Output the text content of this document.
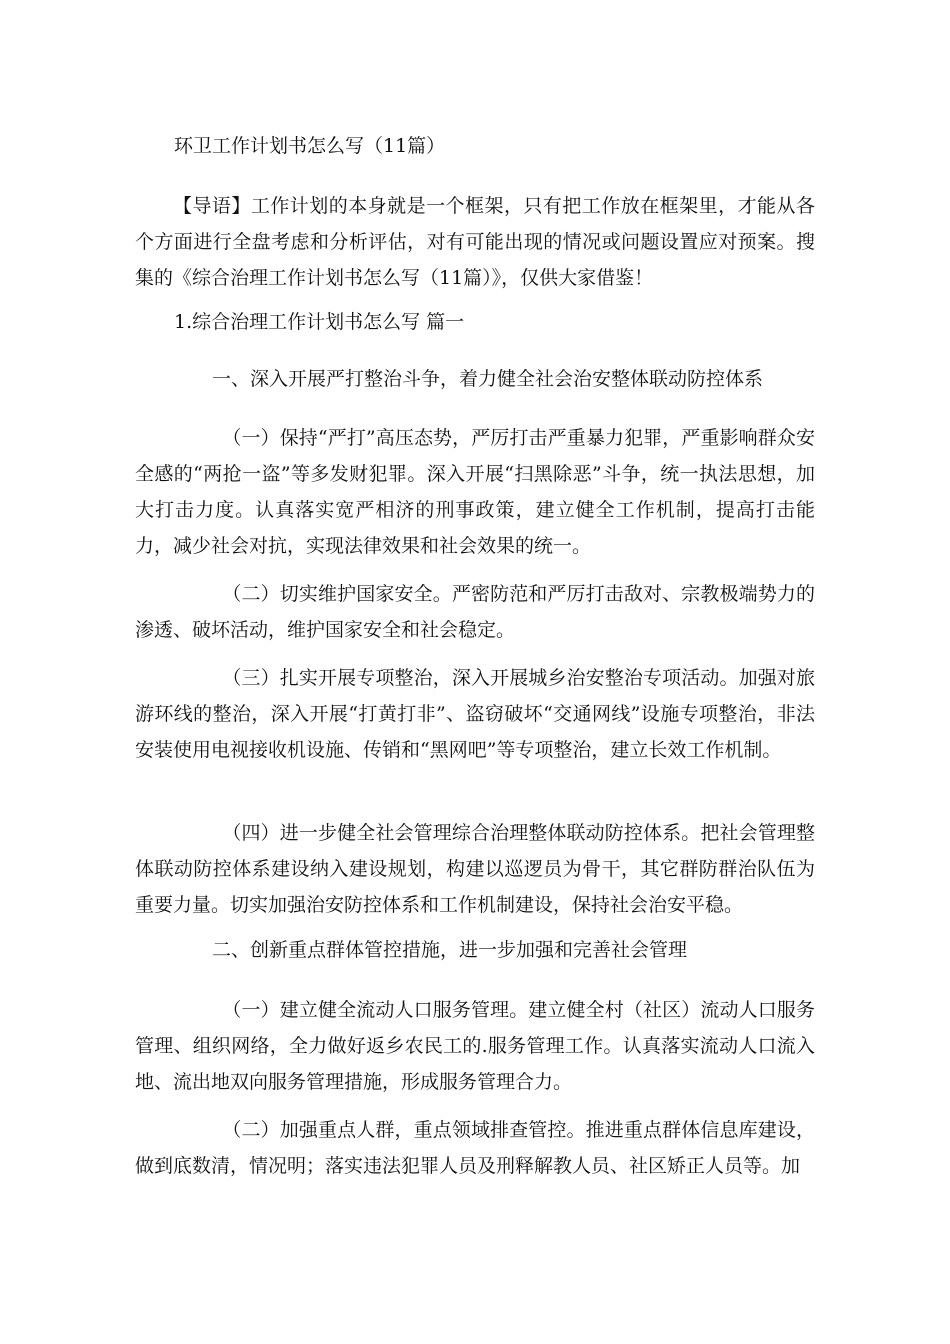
环卫工作计划书怎么写（11篇）
【导语】工作计划的本身就是一个框架，只有把工作放在框架里，才能从各个方面进行全盘考虑和分析评估，对有可能出现的情况或问题设置应对预案。搜集的《综合治理工作计划书怎么写（11篇）》，仅供大家借鉴！
1.综合治理工作计划书怎么写 篇一
一、深入开展严打整治斗争，着力健全社会治安整体联动防控体系
（一）保持“严打”高压态势，严厉打击严重暴力犯罪，严重影响群众安全感的“两抢一盗”等多发财犯罪。深入开展“扫黑除恶”斗争，统一执法思想，加大打击力度。认真落实宽严相济的刑事政策，建立健全工作机制，提高打击能力，减少社会对抗，实现法律效果和社会效果的统一。
（二）切实维护国家安全。严密防范和严厉打击敌对、宗教极端势力的渗透、破坏活动，维护国家安全和社会稳定。
（三）扎实开展专项整治，深入开展城乡治安整治专项活动。加强对旅游环线的整治，深入开展“打黄打非”、盗窃破坏“交通网线”设施专项整治，非法安装使用电视接收机设施、传销和“黑网吧”等专项整治，建立长效工作机制。
（四）进一步健全社会管理综合治理整体联动防控体系。把社会管理整体联动防控体系建设纳入建设规划，构建以巡逻员为骨干，其它群防群治队伍为重要力量。切实加强治安防控体系和工作机制建设，保持社会治安平稳。
二、创新重点群体管控措施，进一步加强和完善社会管理
（一）建立健全流动人口服务管理。建立健全村（社区）流动人口服务管理、组织网络，全力做好返乡农民工的.服务管理工作。认真落实流动人口流入地、流出地双向服务管理措施，形成服务管理合力。
（二）加强重点人群，重点领域排查管控。推进重点群体信息库建设，做到底数清，情况明；落实违法犯罪人员及刑释解教人员、社区矫正人员等。加
